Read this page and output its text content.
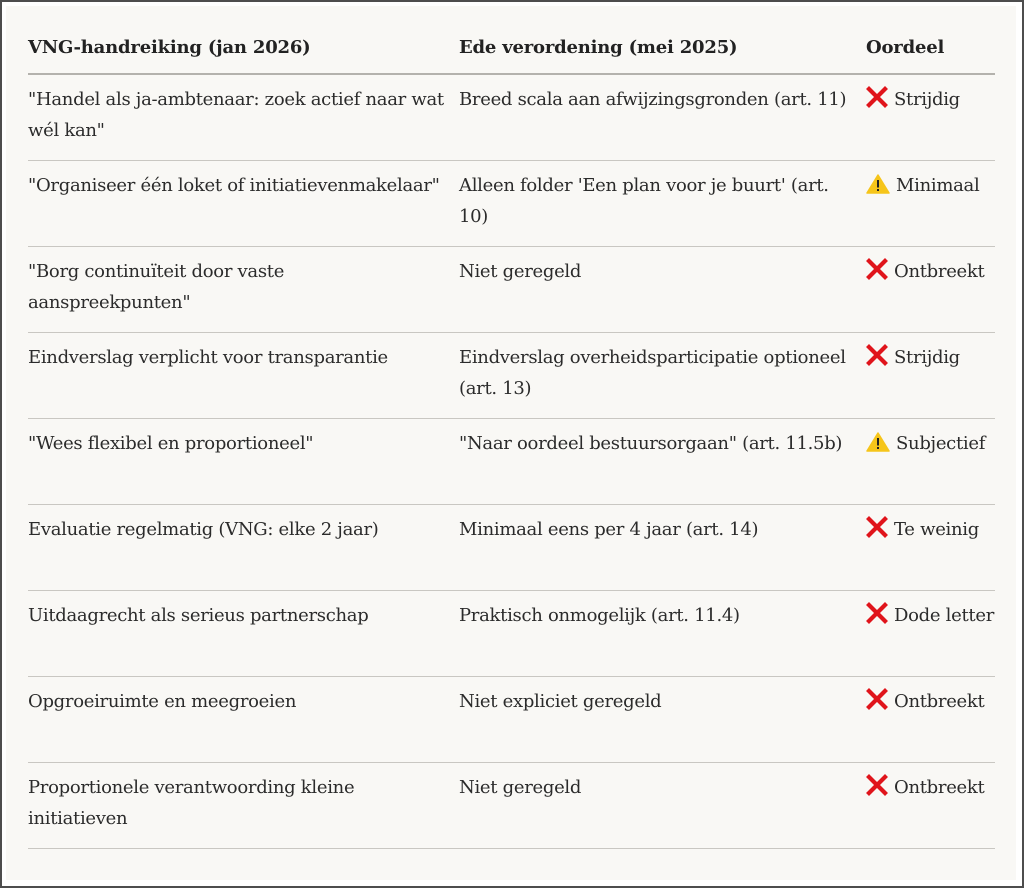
VNG-handreiking (jan 2026)	Ede verordening (mei 2025)	Oordeel
"Handel als ja-ambtenaar: zoek actief naar wat wél kan"	Breed scala aan afwijzingsgronden (art. 11)	Strijdig
"Organiseer één loket of initiatievenmakelaar"	Alleen folder 'Een plan voor je buurt' (art. 10)	Minimaal
"Borg continuïteit door vaste aanspreekpunten"	Niet geregeld	Ontbreekt
Eindverslag verplicht voor transparantie	Eindverslag overheidsparticipatie optioneel (art. 13)	Strijdig
"Wees flexibel en proportioneel"	"Naar oordeel bestuursorgaan" (art. 11.5b)	Subjectief
Evaluatie regelmatig (VNG: elke 2 jaar)	Minimaal eens per 4 jaar (art. 14)	Te weinig
Uitdaagrecht als serieus partnerschap	Praktisch onmogelijk (art. 11.4)	Dode letter
Opgroeiruimte en meegroeien	Niet expliciet geregeld	Ontbreekt
Proportionele verantwoording kleine initiatieven	Niet geregeld	Ontbreekt
